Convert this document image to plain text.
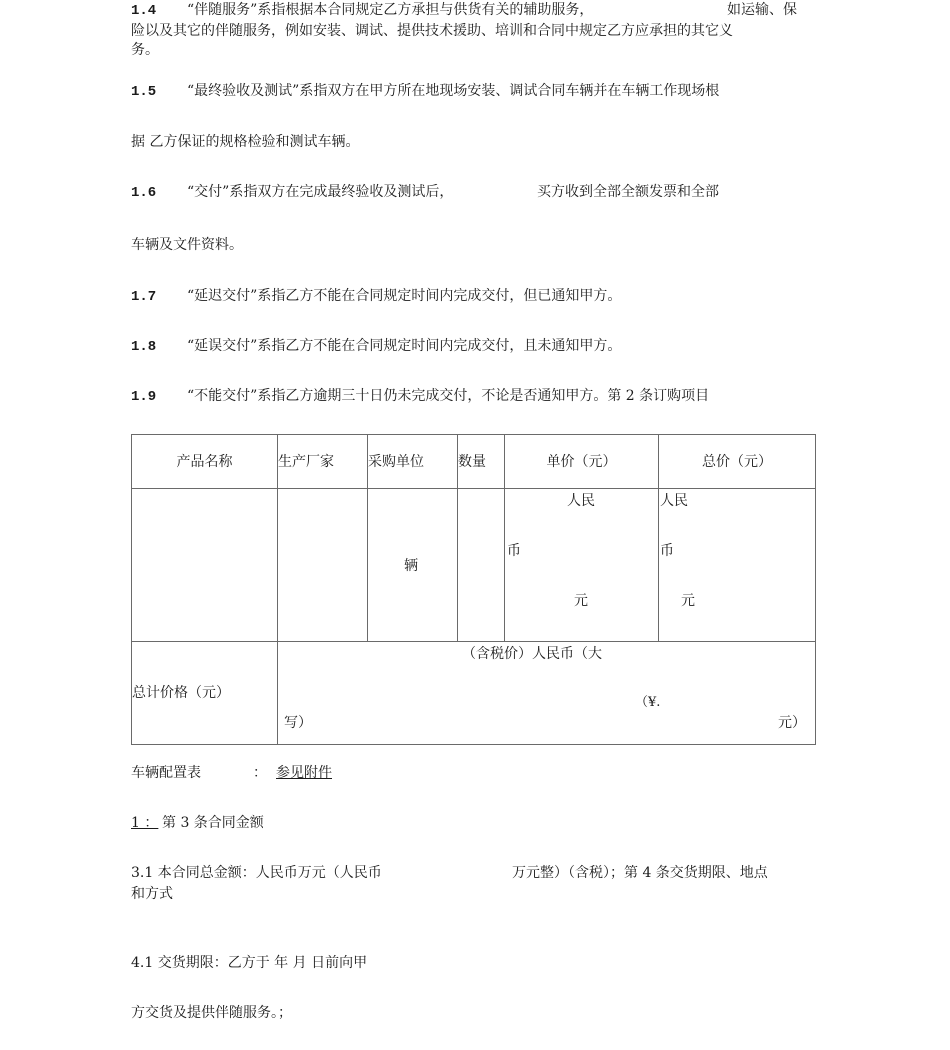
1.4 “伴随服务”系指根据本合同规定乙方承担与供货有关的辅助服务，	如运输、保
险以及其它的伴随服务，例如安装、调试、提供技术援助、培训和合同中规定乙方应承担的其它义
务。
1.5 “最终验收及测试”系指双方在甲方所在地现场安装、调试合同车辆并在车辆工作现场根
据 乙方保证的规格检验和测试车辆。
1.6 “交付”系指双方在完成最终验收及测试后，	买方收到全部全额发票和全部
车辆及文件资料。
1.7 “延迟交付”系指乙方不能在合同规定时间内完成交付，但已通知甲方。
1.8 “延误交付”系指乙方不能在合同规定时间内完成交付，且未通知甲方。
1.9 “不能交付”系指乙方逾期三十日仍未完成交付，不论是否通知甲方。第 2 条订购项目
产品名称	生产厂家	采购单位	数量	单价（元）	总价（元）

		辆		人民
币
元	人民
币
元

总计价格（元）	（含税价）人民币（大
（¥.
写） 元）				
车辆配置表	： 参见附件
1 ： 第 3 条合同金额
3.1 本合同总金额：人民币万元（人民币	万元整）（含税）；第 4 条交货期限、地点
和方式
4.1 交货期限：乙方于 年 月 日前向甲
方交货及提供伴随服务。；
